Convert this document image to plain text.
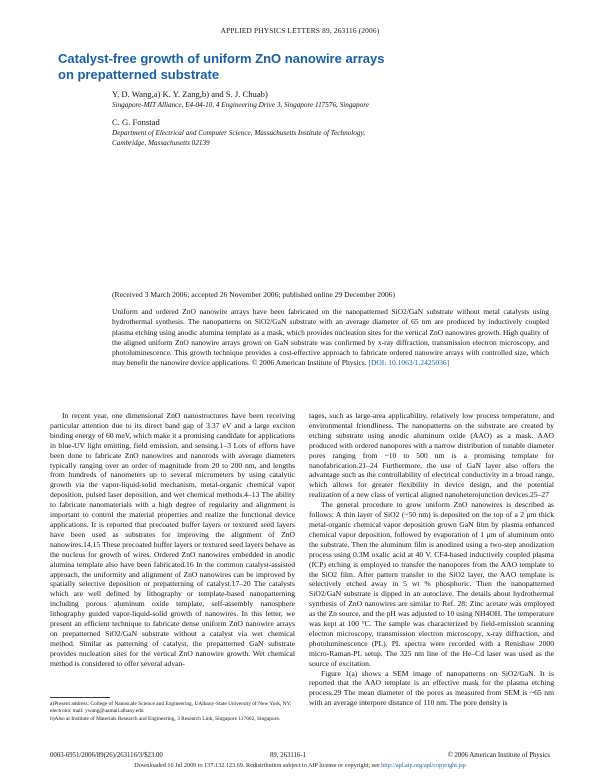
APPLIED PHYSICS LETTERS 89, 263116 (2006)
Catalyst-free growth of uniform ZnO nanowire arrays
on prepatterned substrate
Y. D. Wang,a) K. Y. Zang,b) and S. J. Chuab)
Singapore-MIT Alliance, E4-04-10, 4 Engineering Drive 3, Singapore 117576, Singapore
C. G. Fonstad
Department of Electrical and Computer Science, Massachusetts Institute of Technology,
Cambridge, Massachusetts 02139
(Received 3 March 2006; accepted 26 November 2006; published online 29 December 2006)
Uniform and ordered ZnO nanowire arrays have been fabricated on the nanopatterned SiO2/GaN substrate without metal catalysts using hydrothermal synthesis. The nanopatterns on SiO2/GaN substrate with an average diameter of 65 nm are produced by inductively coupled plasma etching using anodic alumina template as a mask, which provides nucleation sites for the vertical ZnO nanowires growth. High quality of the aligned uniform ZnO nanowire arrays grown on GaN substrate was confirmed by x-ray diffraction, transmission electron microscopy, and photoluminescence. This growth technique provides a cost-effective approach to fabricate ordered nanowire arrays with controlled size, which may benefit the nanowire device applications. © 2006 American Institute of Physics. [DOI: 10.1063/1.2425036]

In recent year, one dimensional ZnO nanostructures have been receiving particular attention due to its direct band gap of 3.37 eV and a large exciton binding energy of 60 meV, which make it a promising candidate for applications in blue-UV light emitting, field emission, and sensing.1–3 Lots of efforts have been done to fabricate ZnO nanowires and nanorods with average diameters typically ranging over an order of magnitude from 20 to 200 nm, and lengths from hundreds of nanometers up to several micrometers by using catalytic growth via the vapor-liquid-solid mechanism, metal-organic chemical vapor deposition, pulsed laser deposition, and wet chemical methods.4–13 The ability to fabricate nanomaterials with a high degree of regularity and alignment is important to control the material properties and realize the functional device applications. It is reported that precoated buffer layers or textured seed layers have been used as substrates for improving the alignment of ZnO nanowires.14,15 These precoated buffer layers or textured seed layers behave as the nucleus for growth of wires. Ordered ZnO nanowires embedded in anodic alumina template also have been fabricated.16 In the common catalyst-assisted approach, the uniformity and alignment of ZnO nanowires can be improved by spatially selective deposition or prepatterning of catalyst.17–20 The catalysts which are well defined by lithography or template-based nanopatterning including porous aluminum oxide template, self-assembly nanosphere lithography guided vapor-liquid-solid growth of nanowires. In this letter, we present an efficient technique to fabricate dense uniform ZnO nanowire arrays on prepatterned SiO2/GaN substrate without a catalyst via wet chemical method. Similar as patterning of catalyst, the prepatterned GaN substrate provides nucleation sites for the vertical ZnO nanowire growth. Wet chemical method is considered to offer several advan-

tages, such as large-area applicability, relatively low process temperature, and environmental friendliness. The nanopatterns on the substrate are created by etching substrate using anodic aluminum oxide (AAO) as a mask. AAO produced with ordered nanopores with a narrow distribution of tunable diameter pores ranging from ~10 to 500 nm is a promising template for nanofabrication.21–24 Furthermore, the use of GaN layer also offers the advantage such as the controllability of electrical conductivity in a broad range, which allows for greater flexibility in device design, and the potential realization of a new class of vertical aligned nanoheterojunction devices.25–27

The general procedure to grow uniform ZnO nanowires is described as follows: A thin layer of SiO2 (~50 nm) is deposited on the top of a 2 μm thick metal-organic chemical vapor deposition grown GaN film by plasma enhanced chemical vapor deposition, followed by evaporation of 1 μm of aluminum onto the substrate. Then the aluminum film is anodized using a two-step anodization process using 0.3M oxalic acid at 40 V. CF4-based inductively coupled plasma (ICP) etching is employed to transfer the nanopores from the AAO template to the SiO2 film. After pattern transfer to the SiO2 layer, the AAO template is selectively etched away in 5 wt % phosphoric. Then the nanopatterned SiO2/GaN substrate is dipped in an autoclave. The details about hydrothermal synthesis of ZnO nanowires are similar to Ref. 28: Zinc acetate was employed as the Zn source, and the pH was adjusted to 10 using NH4OH. The temperature was kept at 100 °C. The sample was characterized by field-emission scanning electron microscopy, transmission electron microscopy, x-ray diffraction, and photoluminescence (PL). PL spectra were recorded with a Renishaw 2000 micro-Raman-PL setup. The 325 nm line of the He–Cd laser was used as the source of excitation.

Figure 1(a) shows a SEM image of nanopatterns on SiO2/GaN. It is reported that the AAO template is an effective mask for the plasma etching process.29 The mean diameter of the pores as measured from SEM is ~65 nm with an average interpore distance of 110 nm. The pore density is

a)Present address: College of Nanoscale Science and Engineering, UAlbany-State University of New York, NY; electronic mail: ywang@uamail.albany.edu

b)Also at Institute of Materials Research and Engineering, 3 Research Link, Singapore 117602, Singapore.

0003-6951/2006/89(26)/263116/3/$23.00	89, 263116-1	© 2006 American Institute of Physics
Downloaded 16 Jul 2009 to 137.132.123.69. Redistribution subject to AIP license or copyright; see http://apl.aip.org/apl/copyright.jsp
